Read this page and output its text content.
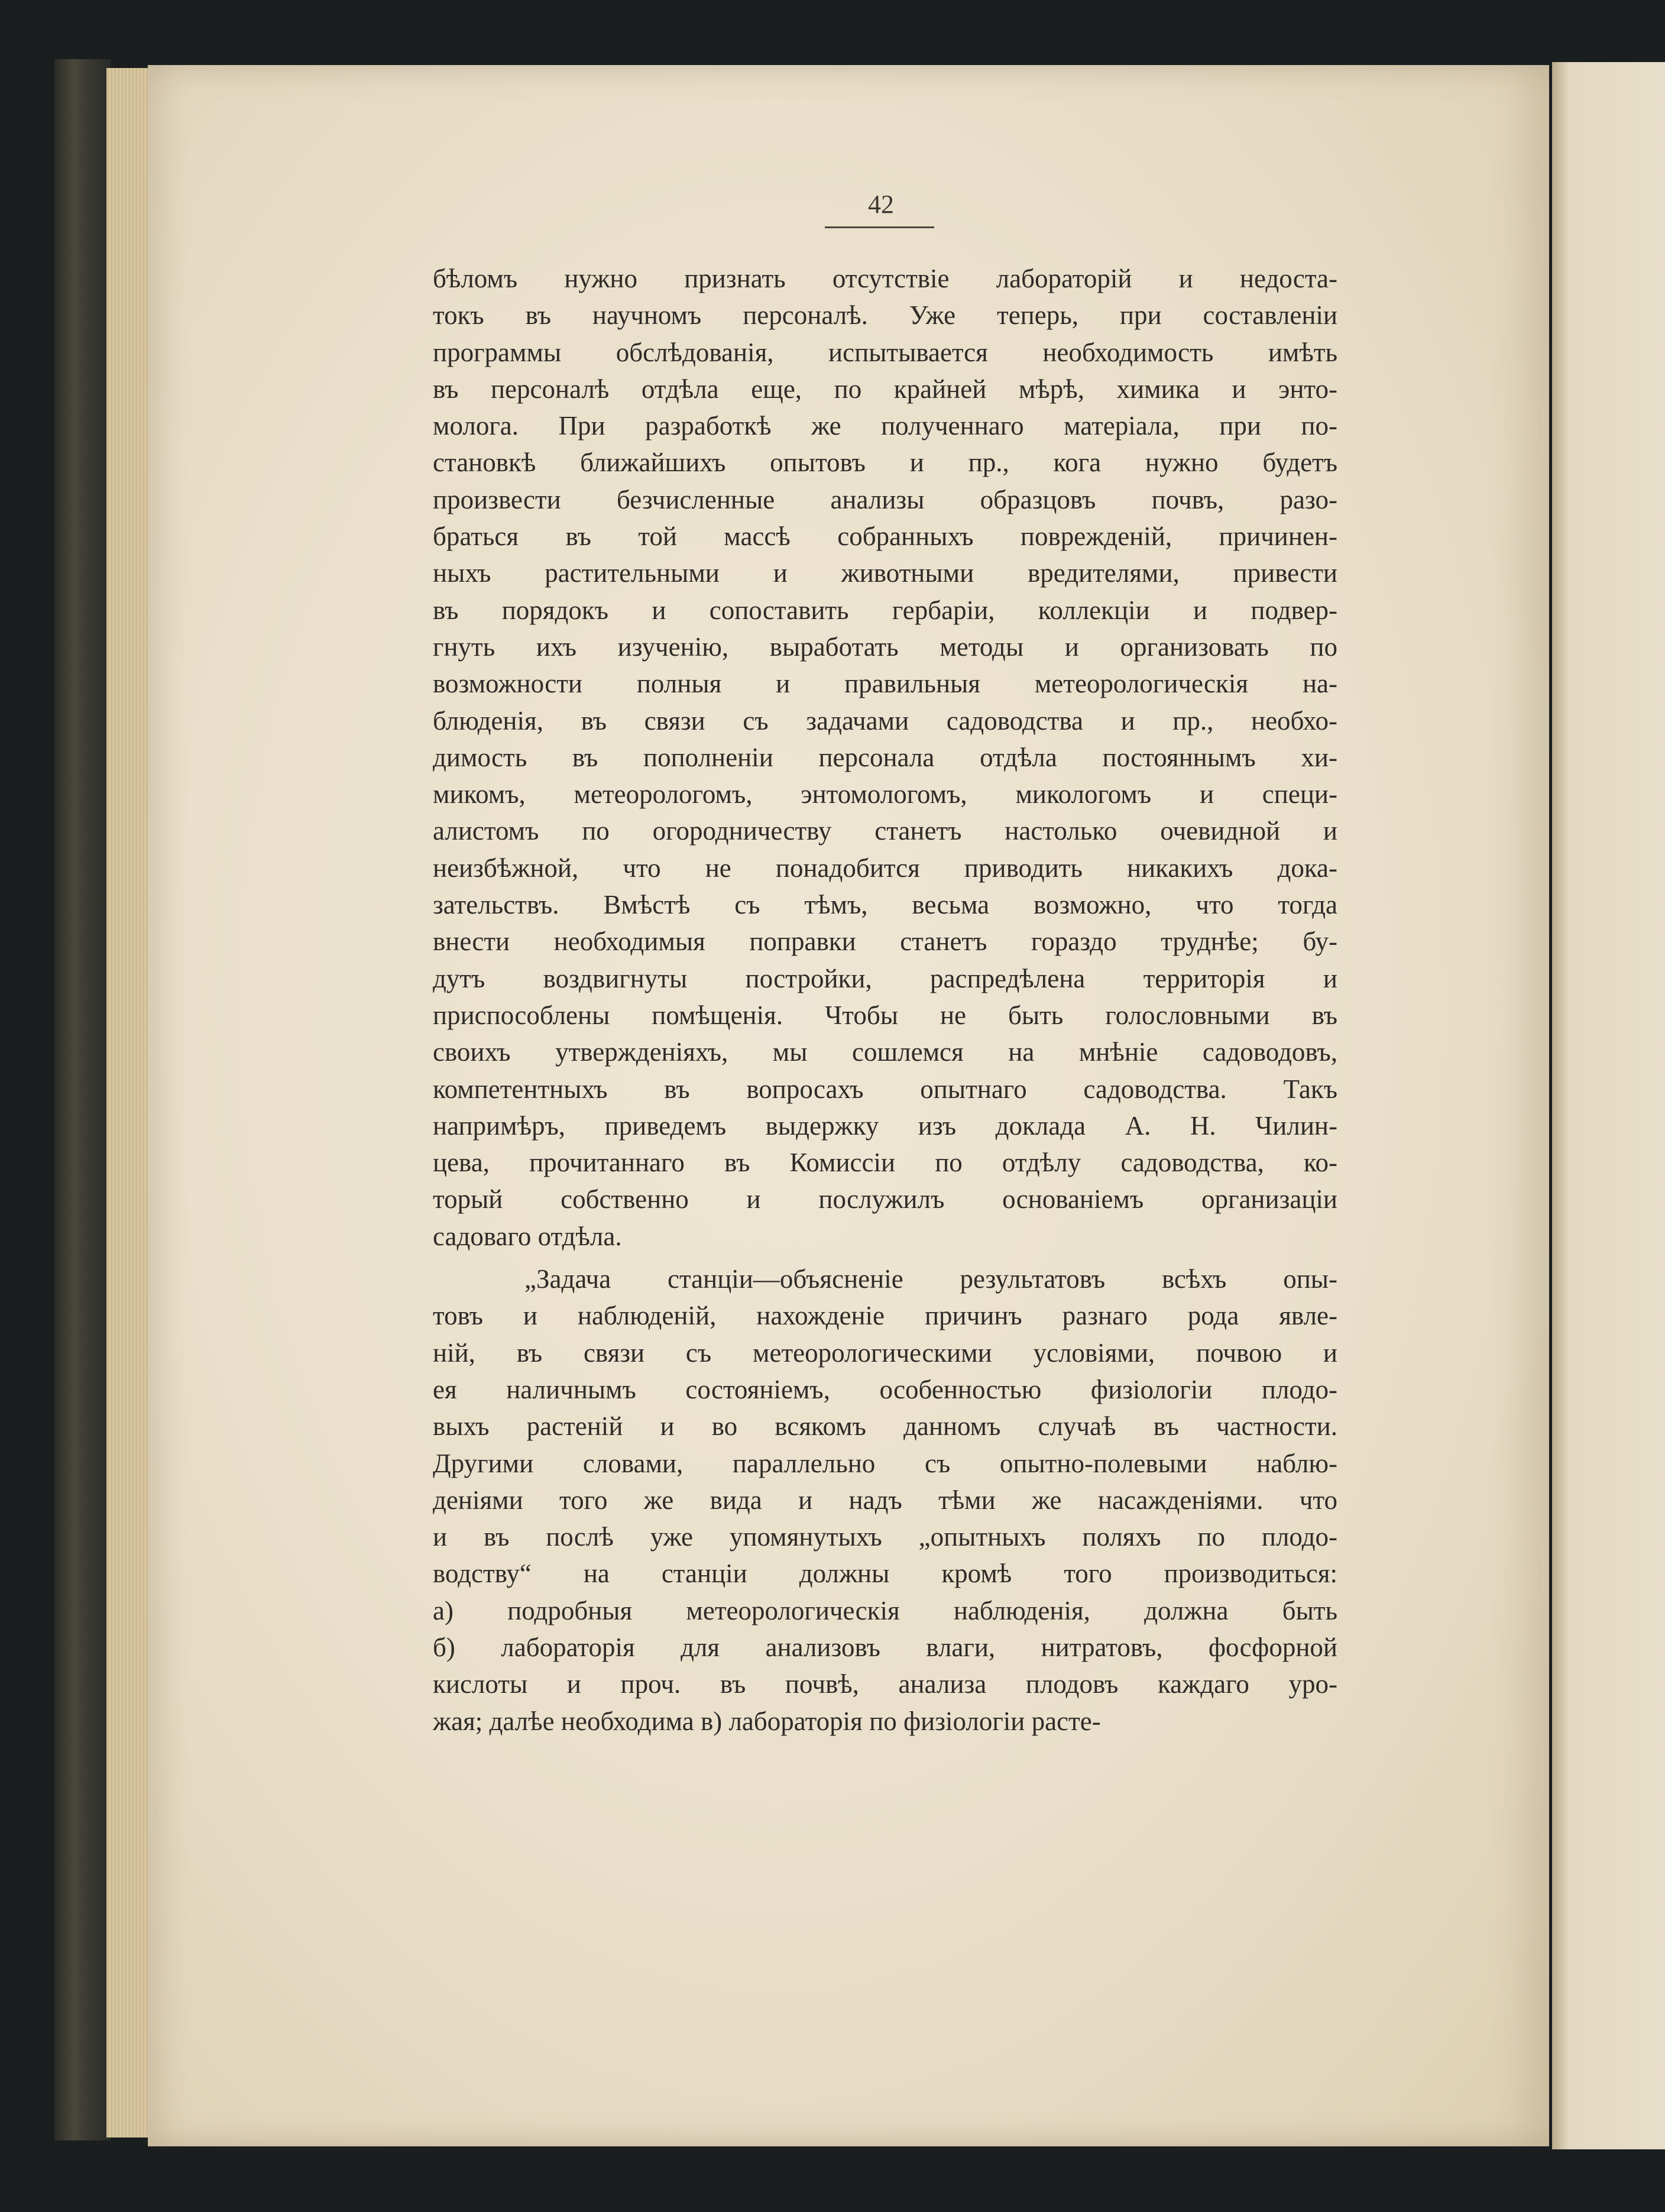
42
бѣломъ нужно признать отсутствіе лабораторій и недоста-
токъ въ научномъ персоналѣ. Уже теперь, при составленіи
программы обслѣдованія, испытывается необходимость имѣть
въ персоналѣ отдѣла еще, по крайней мѣрѣ, химика и энто-
молога. При разработкѣ же полученнаго матеріала, при по-
становкѣ ближайшихъ опытовъ и пр., кога нужно будетъ
произвести безчисленные анализы образцовъ почвъ, разо-
браться въ той массѣ собранныхъ поврежденій, причинен-
ныхъ растительными и животными вредителями, привести
въ порядокъ и сопоставить гербаріи, коллекціи и подвер-
гнуть ихъ изученію, выработать методы и организовать по
возможности полныя и правильныя метеорологическія на-
блюденія, въ связи съ задачами садоводства и пр., необхо-
димость въ пополненіи персонала отдѣла постояннымъ хи-
микомъ, метеорологомъ, энтомологомъ, микологомъ и специ-
алистомъ по огородничеству станетъ настолько очевидной и
неизбѣжной, что не понадобится приводить никакихъ дока-
зательствъ. Вмѣстѣ съ тѣмъ, весьма возможно, что тогда
внести необходимыя поправки станетъ гораздо труднѣе; бу-
дутъ воздвигнуты постройки, распредѣлена территорія и
приспособлены помѣщенія. Чтобы не быть голословными въ
своихъ утвержденіяхъ, мы сошлемся на мнѣніе садоводовъ,
компетентныхъ въ вопросахъ опытнаго садоводства. Такъ
напримѣръ, приведемъ выдержку изъ доклада А. Н. Чилин-
цева, прочитаннаго въ Комиссіи по отдѣлу садоводства, ко-
торый собственно и послужилъ основаніемъ организаціи
садоваго отдѣла.
„Задача станціи—объясненіе результатовъ всѣхъ опы-
товъ и наблюденій, нахожденіе причинъ разнаго рода явле-
ній, въ связи съ метеорологическими условіями, почвою и
ея наличнымъ состояніемъ, особенностью физіологіи плодо-
выхъ растеній и во всякомъ данномъ случаѣ въ частности.
Другими словами, параллельно съ опытно-полевыми наблю-
деніями того же вида и надъ тѣми же насажденіями. что
и въ послѣ уже упомянутыхъ „опытныхъ поляхъ по плодо-
водству“ на станціи должны кромѣ того производиться:
а) подробныя метеорологическія наблюденія, должна быть
б) лабораторія для анализовъ влаги, нитратовъ, фосфорной
кислоты и проч. въ почвѣ, анализа плодовъ каждаго уро-
жая; далѣе необходима в) лабораторія по физіологіи расте-
